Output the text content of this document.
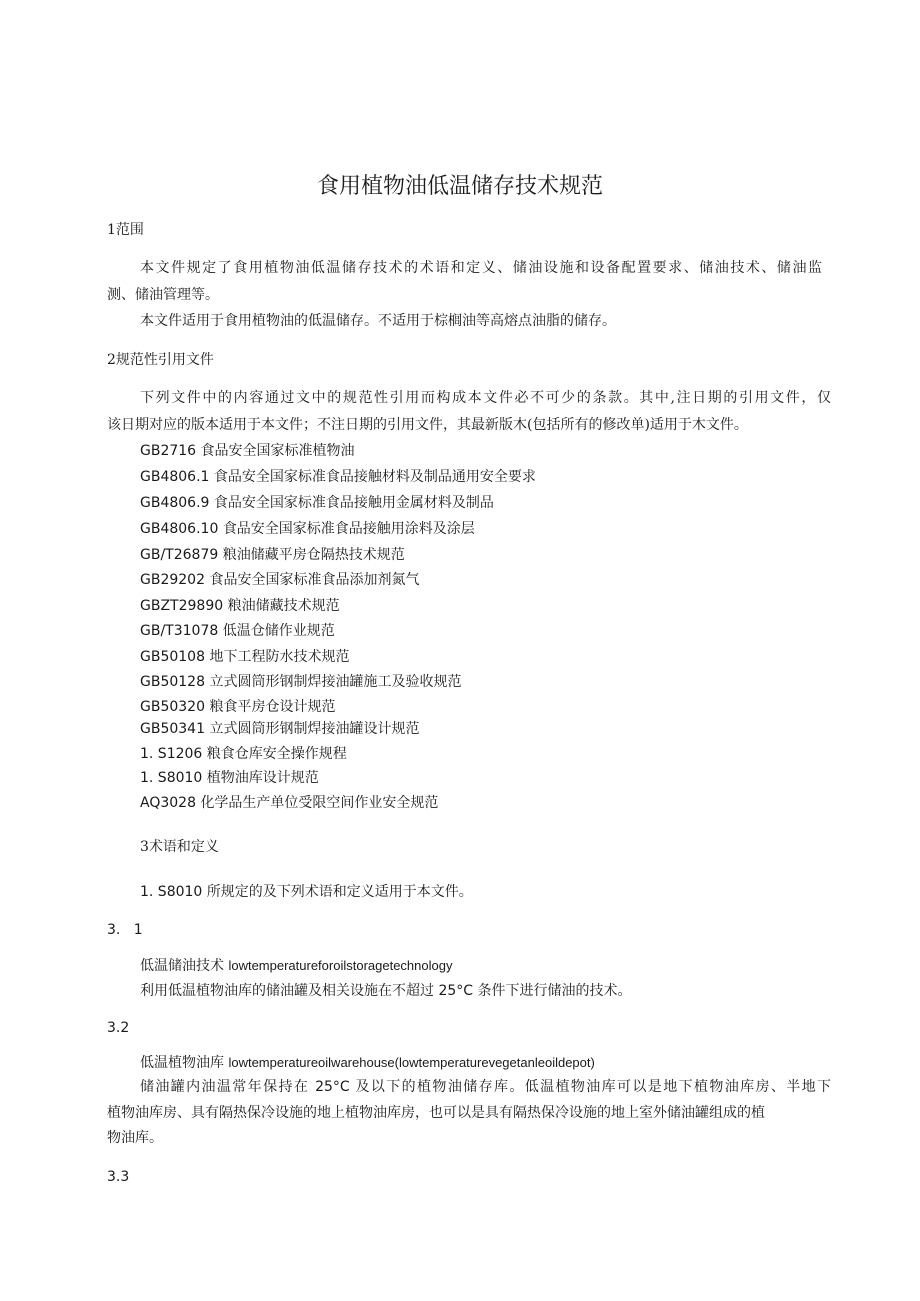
食用植物油低温储存技术规范
1范围
本文件规定了食用植物油低温储存技术的术语和定义、储油设施和设备配置要求、储油技术、储油监
测、储油管理等。
本文件适用于食用植物油的低温储存。不适用于棕榈油等高熔点油脂的储存。
2规范性引用文件
下列文件中的内容通过文中的规范性引用而构成本文件必不可少的条款。其中,注日期的引用文件，仅
该日期对应的版本适用于本文件；不注日期的引用文件，其最新版木(包括所有的修改单)适用于木文件。
GB2716 食品安全国家标准植物油
GB4806.1 食品安全国家标准食品接触材料及制品通用安全要求
GB4806.9 食品安全国家标准食品接触用金属材料及制品
GB4806.10 食品安全国家标准食品接触用涂料及涂层
GB/T26879 粮油储藏平房仓隔热技术规范
GB29202 食品安全国家标准食品添加剂氮气
GBZT29890 粮油储藏技术规范
GB/T31078 低温仓储作业规范
GB50108 地下工程防水技术规范
GB50128 立式圆筒形钢制焊接油罐施工及验收规范
GB50320 粮食平房仓设计规范
GB50341 立式圆筒形钢制焊接油罐设计规范
1. S1206 粮食仓库安全操作规程
1. S8010 植物油库设计规范
AQ3028 化学品生产单位受限空间作业安全规范
3术语和定义
1. S8010 所规定的及下列术语和定义适用于本文件。
3.   1
低温储油技术 lowtemperatureforoilstoragetechnology
利用低温植物油库的储油罐及相关设施在不超过 25°C 条件下进行储油的技术。
3.2
低温植物油库 lowtemperatureoilwarehouse(lowtemperaturevegetanleoildepot)
储油罐内油温常年保持在 25°C 及以下的植物油储存库。低温植物油库可以是地下植物油库房、半地下
植物油库房、具有隔热保冷设施的地上植物油库房，也可以是具有隔热保冷设施的地上室外储油罐组成的植
物油库。
3.3
